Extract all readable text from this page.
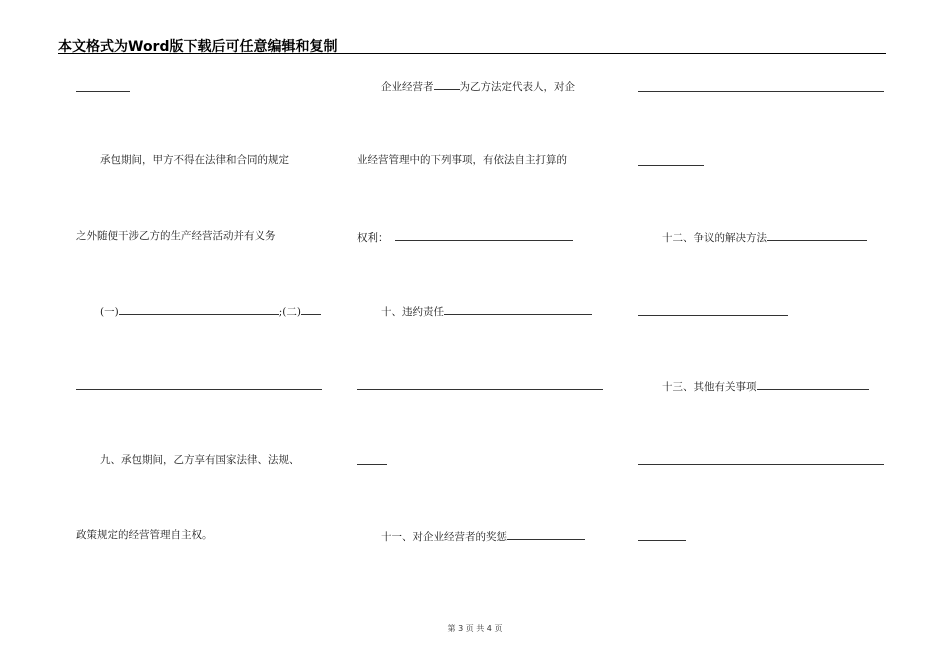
本文格式为Word版下载后可任意编辑和复制
承包期间，甲方不得在法律和合同的规定
之外随便干涉乙方的生产经营活动并有义务
(一)	;(二)
九、承包期间，乙方享有国家法律、法规、
政策规定的经营管理自主权。
企业经营者 为乙方法定代表人，对企
业经营管理中的下列事项，有依法自主打算的
权利：
十、违约责任
十一、对企业经营者的奖惩
十二、争议的解决方法
十三、其他有关事项
第 3 页 共 4 页
